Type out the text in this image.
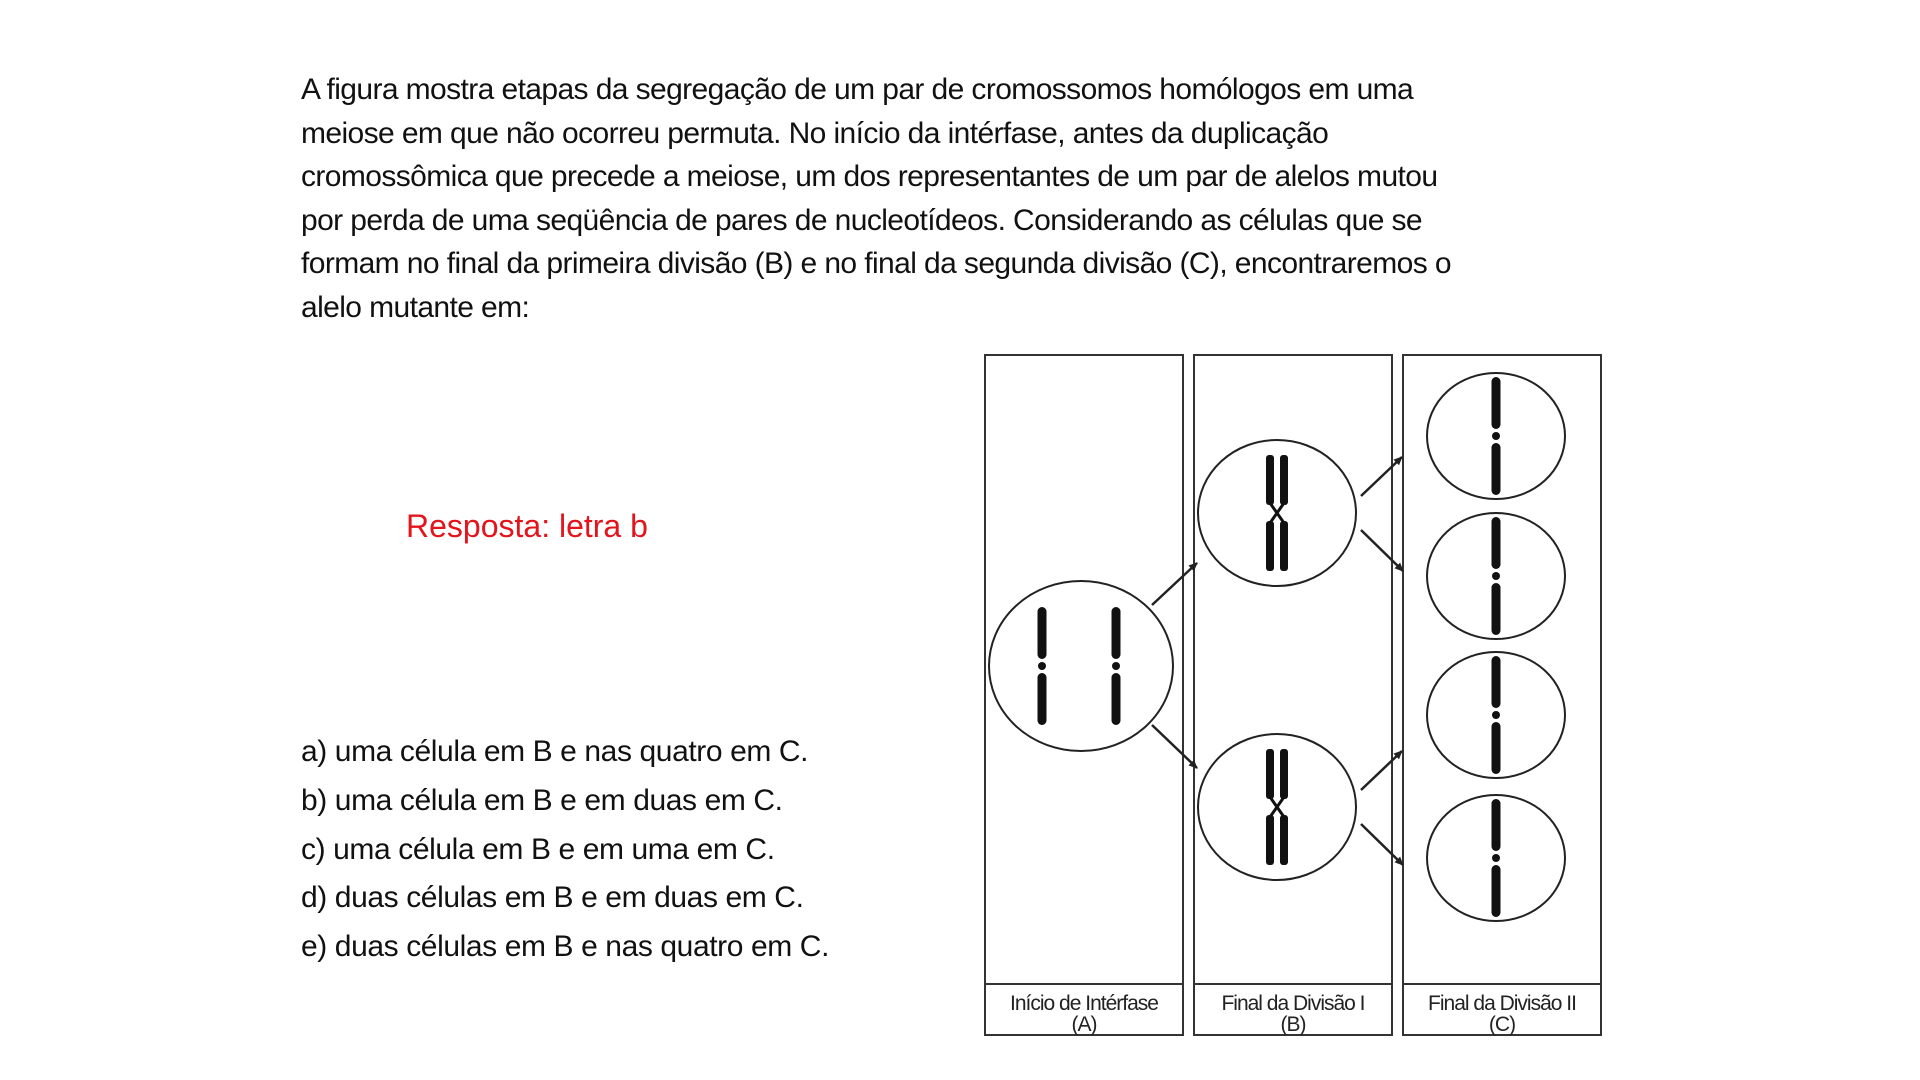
A figura mostra etapas da segregação de um par de cromossomos homólogos em uma
meiose em que não ocorreu permuta. No início da intérfase, antes da duplicação
cromossômica que precede a meiose, um dos representantes de um par de alelos mutou
por perda de uma seqüência de pares de nucleotídeos. Considerando as células que se
formam no final da primeira divisão (B) e no final da segunda divisão (C), encontraremos o
alelo mutante em:
Resposta: letra b
a) uma célula em B e nas quatro em C.
b) uma célula em B e em duas em C.
c) uma célula em B e em uma em C.
d) duas células em B e em duas em C.
e) duas células em B e nas quatro em C.
Início de Intérfase
(A)
Final da Divisão I
(B)
Final da Divisão II
(C)
